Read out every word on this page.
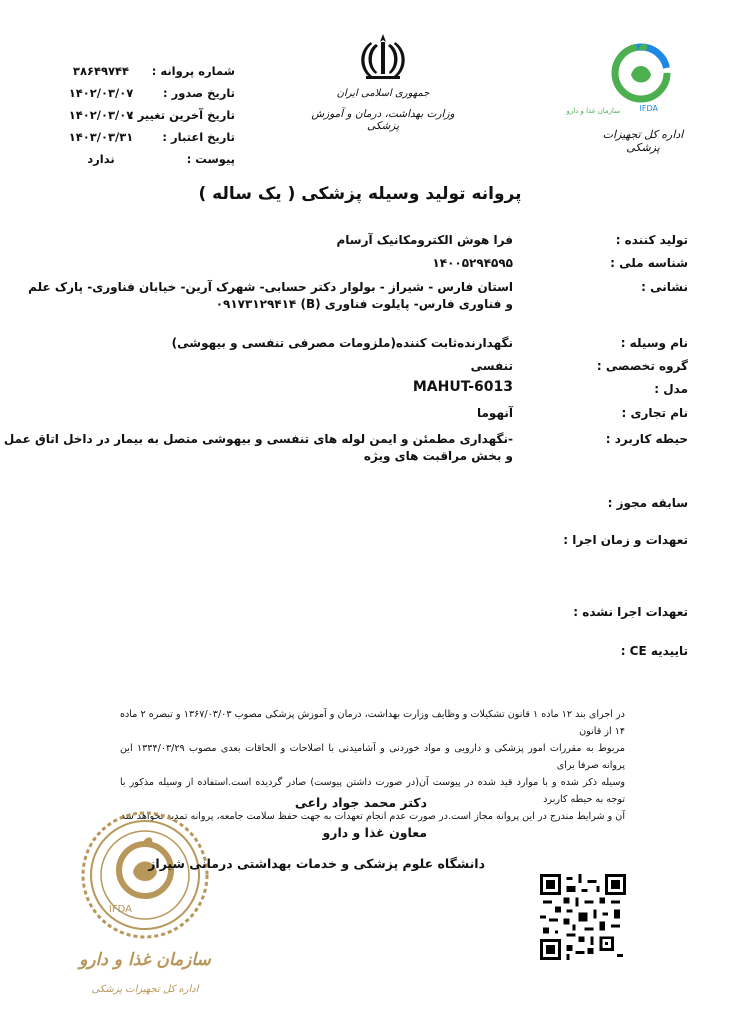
جمهوری اسلامی ایران
وزارت بهداشت، درمان و آموزش پزشکی
سازمان غذا و دارو IFDA
اداره کل تجهیزات پزشکی
شماره پروانه :
۳۸۶۴۹۷۴۴
تاریخ صدور :
۱۴۰۲/۰۳/۰۷
تاریخ آخرین تغییر :
۱۴۰۲/۰۳/۰۷
تاریخ اعتبار :
۱۴۰۳/۰۳/۳۱
پیوست :
ندارد
پروانه تولید وسیله پزشکی ( یک ساله )
تولید کننده :
فرا هوش الکترومکانیک آرسام
شناسه ملی :
۱۴۰۰۵۲۹۴۵۹۵
نشانی :
استان فارس - شیراز - بولوار دکتر حسابی- شهرک آرین- خیابان فناوری- پارک علم
و فناوری فارس- پایلوت فناوری (B) ۰۹۱۷۳۱۲۹۴۱۴
نام وسیله :
نگهدارنده‌ثابت کننده(ملزومات مصرفی تنفسی و بیهوشی)
گروه تخصصی :
تنفسی
مدل :
MAHUT-6013
نام تجاری :
آنهوما
حیطه کاربرد :
-نگهداری مطمئن و ایمن لوله های تنفسی و بیهوشی متصل به بیمار در داخل اتاق عمل
و بخش مراقبت های ویژه
سابقه مجوز :
تعهدات و زمان اجرا :
تعهدات اجرا نشده :
تاییدیه CE :
در اجرای بند ۱۲ ماده ۱ قانون تشکیلات و وظایف وزارت بهداشت، درمان و آموزش پزشکی مصوب ۱۳۶۷/۰۳/۰۳ و تبصره ۲ ماده ۱۴ از قانون
مربوط به مقررات امور پزشکی و دارویی و مواد خوردنی و آشامیدنی با اصلاحات و الحاقات بعدی مصوب ۱۳۳۴/۰۳/۲۹ این پروانه صرفا برای
وسیله ذکر شده و با موارد قید شده در پیوست آن(در صورت داشتن پیوست) صادر گردیده است.استفاده از وسیله مذکور با توجه به حیطه کاربرد
آن و شرایط مندرج در این پروانه مجاز است.در صورت عدم انجام تعهدات به جهت حفظ سلامت جامعه، پروانه تمدید نخواهد شد
IFDA
سازمان غذا و دارو
اداره کل تجهیزات پزشکی
دکتر محمد جواد راعی
معاون غذا و دارو
دانشگاه علوم پزشکی و خدمات بهداشتی درمانی شیراز
